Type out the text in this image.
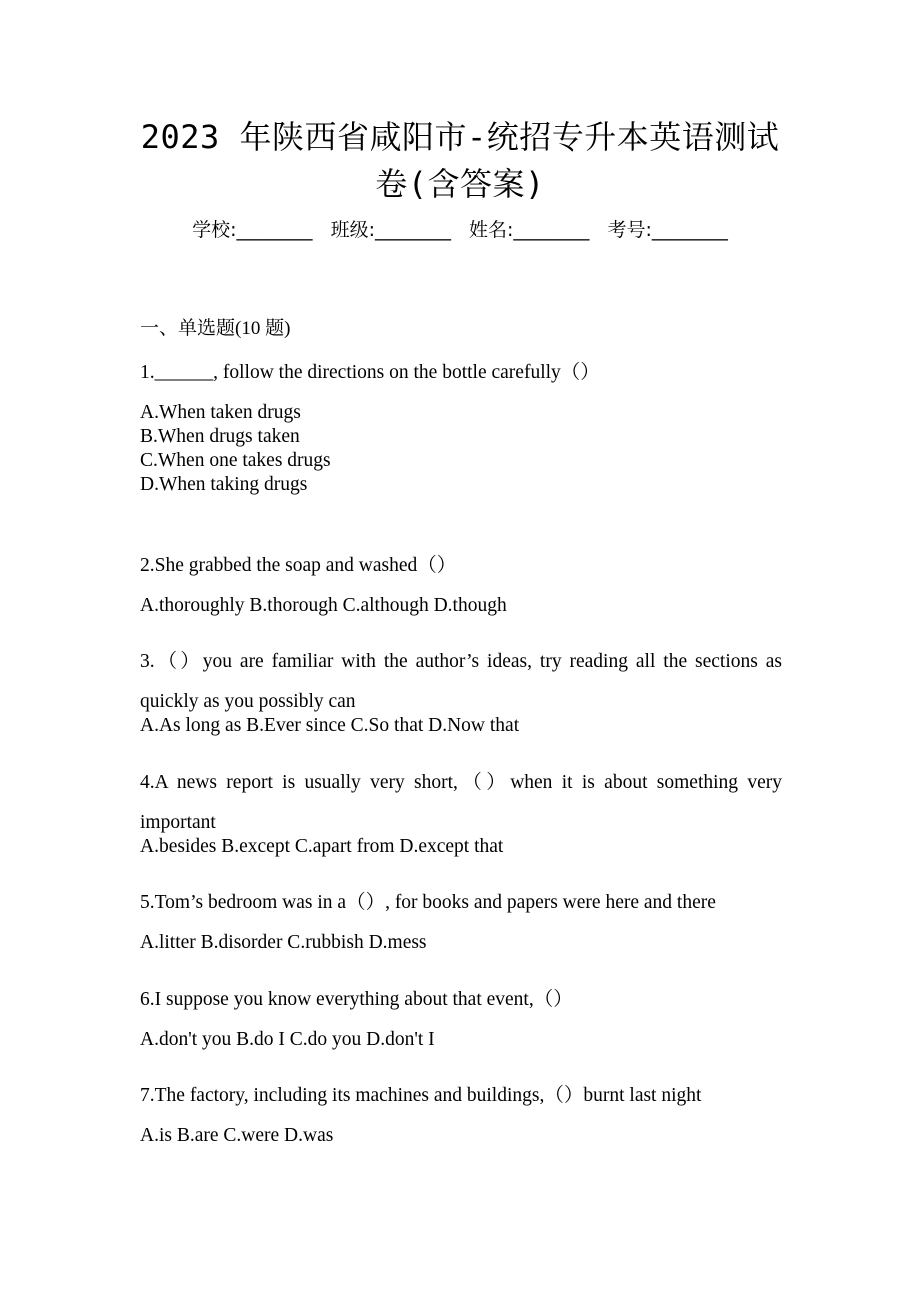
2023 年陕西省咸阳市-统招专升本英语测试
卷(含答案)
学校:________ 班级:________ 姓名:________ 考号:________
一、单选题(10 题)
1.______, follow the directions on the bottle carefully（）
A.When taken drugs
B.When drugs taken
C.When one takes drugs
D.When taking drugs
2.She grabbed the soap and washed（）
A.thoroughly B.thorough C.although D.though
3.（）you are familiar with the author’s ideas, try reading all the sections as
quickly as you possibly can
A.As long as B.Ever since C.So that D.Now that
4.A news report is usually very short,（）when it is about something very
important
A.besides B.except C.apart from D.except that
5.Tom’s bedroom was in a（）, for books and papers were here and there
A.litter B.disorder C.rubbish D.mess
6.I suppose you know everything about that event,（）
A.don't you B.do I C.do you D.don't I
7.The factory, including its machines and buildings,（）burnt last night
A.is B.are C.were D.was
